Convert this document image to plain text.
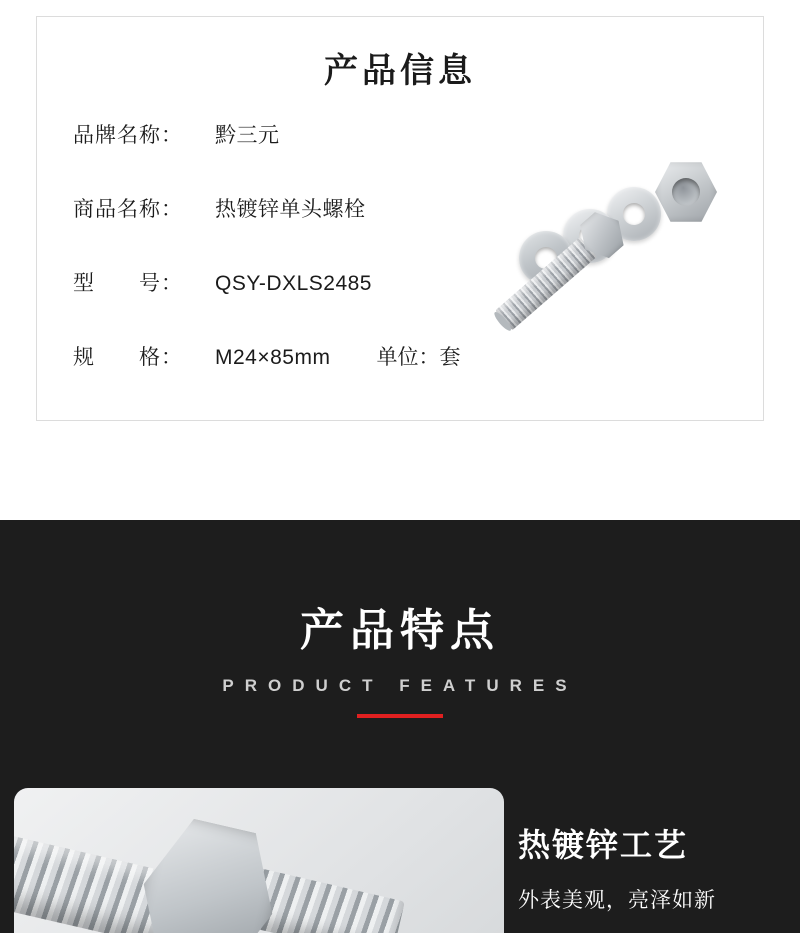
产品信息
品牌名称：	黔三元
商品名称：	热镀锌单头螺栓
型　　号：	QSY-DXLS2485
规　　格：	M24×85mm 单位： 套
产品特点
PRODUCT FEATURES
热镀锌工艺
外表美观，亮泽如新
